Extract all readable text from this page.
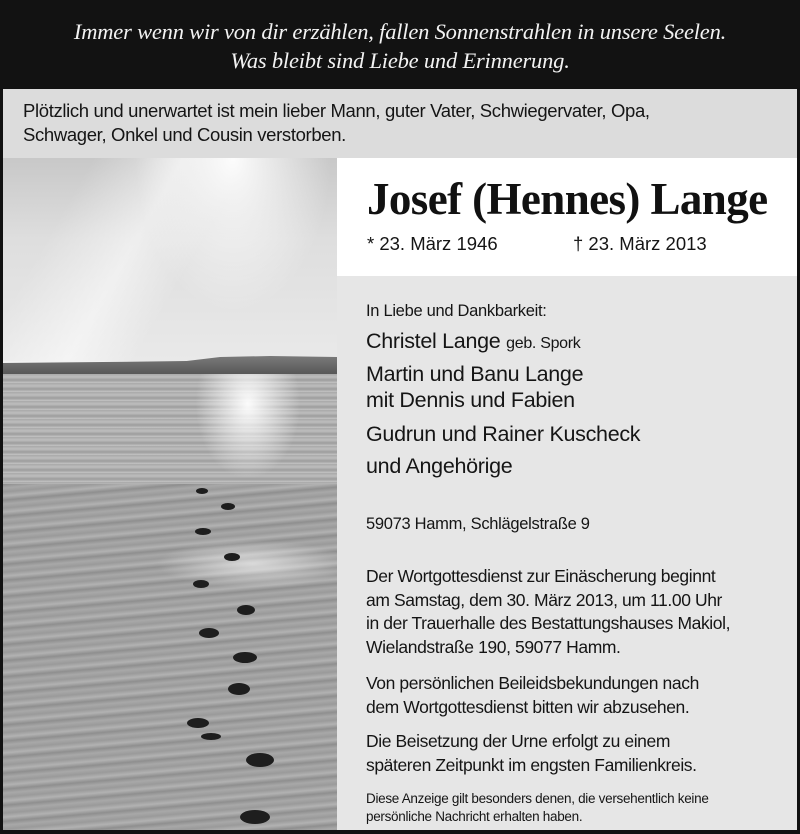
Immer wenn wir von dir erzählen, fallen Sonnenstrahlen in unsere Seelen.
Was bleibt sind Liebe und Erinnerung.
Plötzlich und unerwartet ist mein lieber Mann, guter Vater, Schwiegervater, Opa,
Schwager, Onkel und Cousin verstorben.
Josef (Hennes) Lange
* 23. März 1946	† 23. März 2013
In Liebe und Dankbarkeit:
Christel Lange geb. Spork
Martin und Banu Lange
mit Dennis und Fabien
Gudrun und Rainer Kuscheck
und Angehörige
59073 Hamm, Schlägelstraße 9
Der Wortgottesdienst zur Einäscherung beginnt
am Samstag, dem 30. März 2013, um 11.00 Uhr
in der Trauerhalle des Bestattungshauses Makiol,
Wielandstraße 190, 59077 Hamm.
Von persönlichen Beileidsbekundungen nach
dem Wortgottesdienst bitten wir abzusehen.
Die Beisetzung der Urne erfolgt zu einem
späteren Zeitpunkt im engsten Familienkreis.
Diese Anzeige gilt besonders denen, die versehentlich keine
persönliche Nachricht erhalten haben.
